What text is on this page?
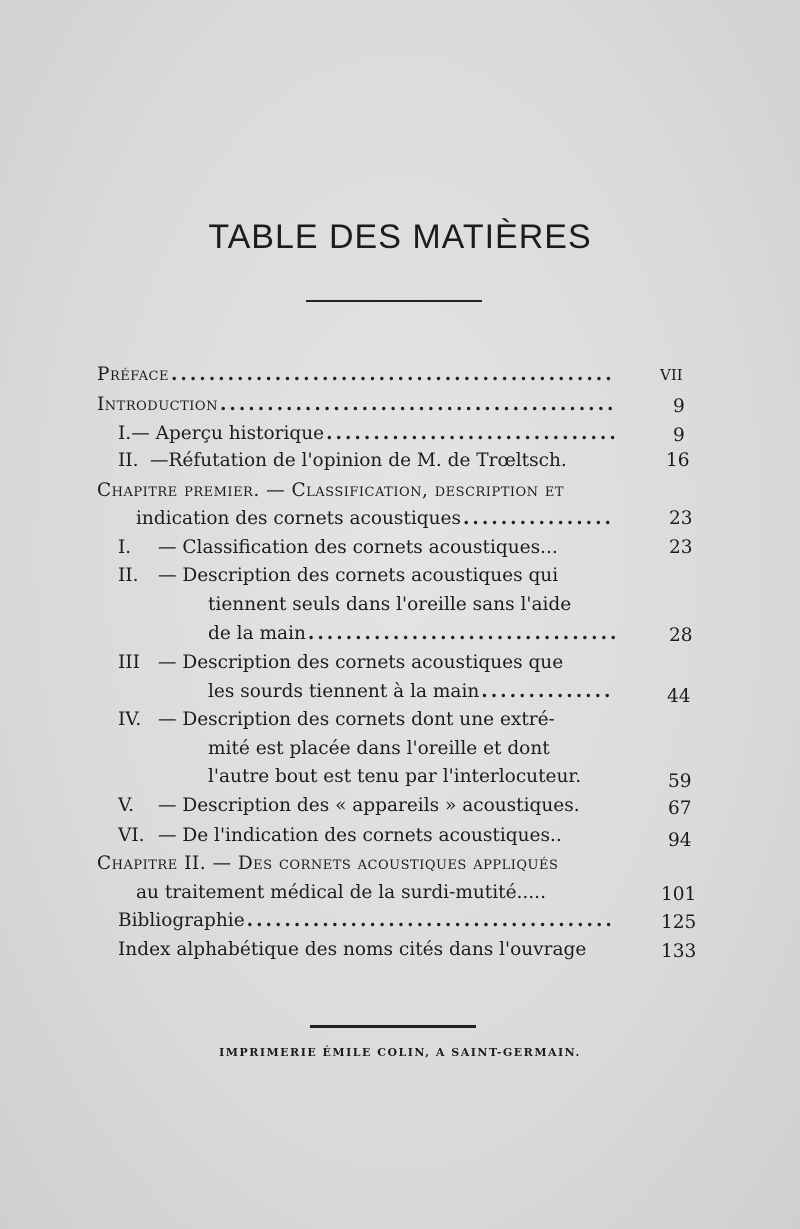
TABLE DES MATIÈRES
Préface .....	VII
Introduction .....	9
I. — Aperçu historique .....	9
II. —Réfutation de l'opinion de M. de Trœltsch.	16
Chapitre premier. — Classification, description et
indication des cornets acoustiques .....	23
I.	— Classification des cornets acoustiques...	23
II.	— Description des cornets acoustiques qui
tiennent seuls dans l'oreille sans l'aide
de la main .....	28
III — Description des cornets acoustiques que
les sourds tiennent à la main .....	44
IV. — Description des cornets dont une extré-
mité est placée dans l'oreille et dont
l'autre bout est tenu par l'interlocuteur.	59
V.	— Description des « appareils » acoustiques.	67
VI. — De l'indication des cornets acoustiques..	94
Chapitre II. — Des cornets acoustiques appliqués
au traitement médical de la surdi-mutité.....	101
Bibliographie .....	125
Index alphabétique des noms cités dans l'ouvrage	133
IMPRIMERIE ÉMILE COLIN, A SAINT-GERMAIN.
